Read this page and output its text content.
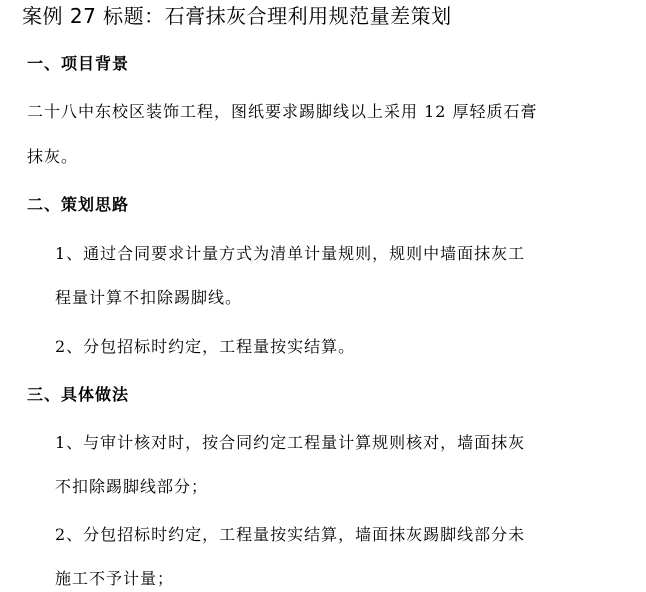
案例 27 标题：石膏抹灰合理利用规范量差策划
一、项目背景
二十八中东校区装饰工程，图纸要求踢脚线以上采用 12 厚轻质石膏
抹灰。
二、策划思路
1、通过合同要求计量方式为清单计量规则，规则中墙面抹灰工
程量计算不扣除踢脚线。
2、分包招标时约定，工程量按实结算。
三、具体做法
1、与审计核对时，按合同约定工程量计算规则核对，墙面抹灰
不扣除踢脚线部分；
2、分包招标时约定，工程量按实结算，墙面抹灰踢脚线部分未
施工不予计量；
